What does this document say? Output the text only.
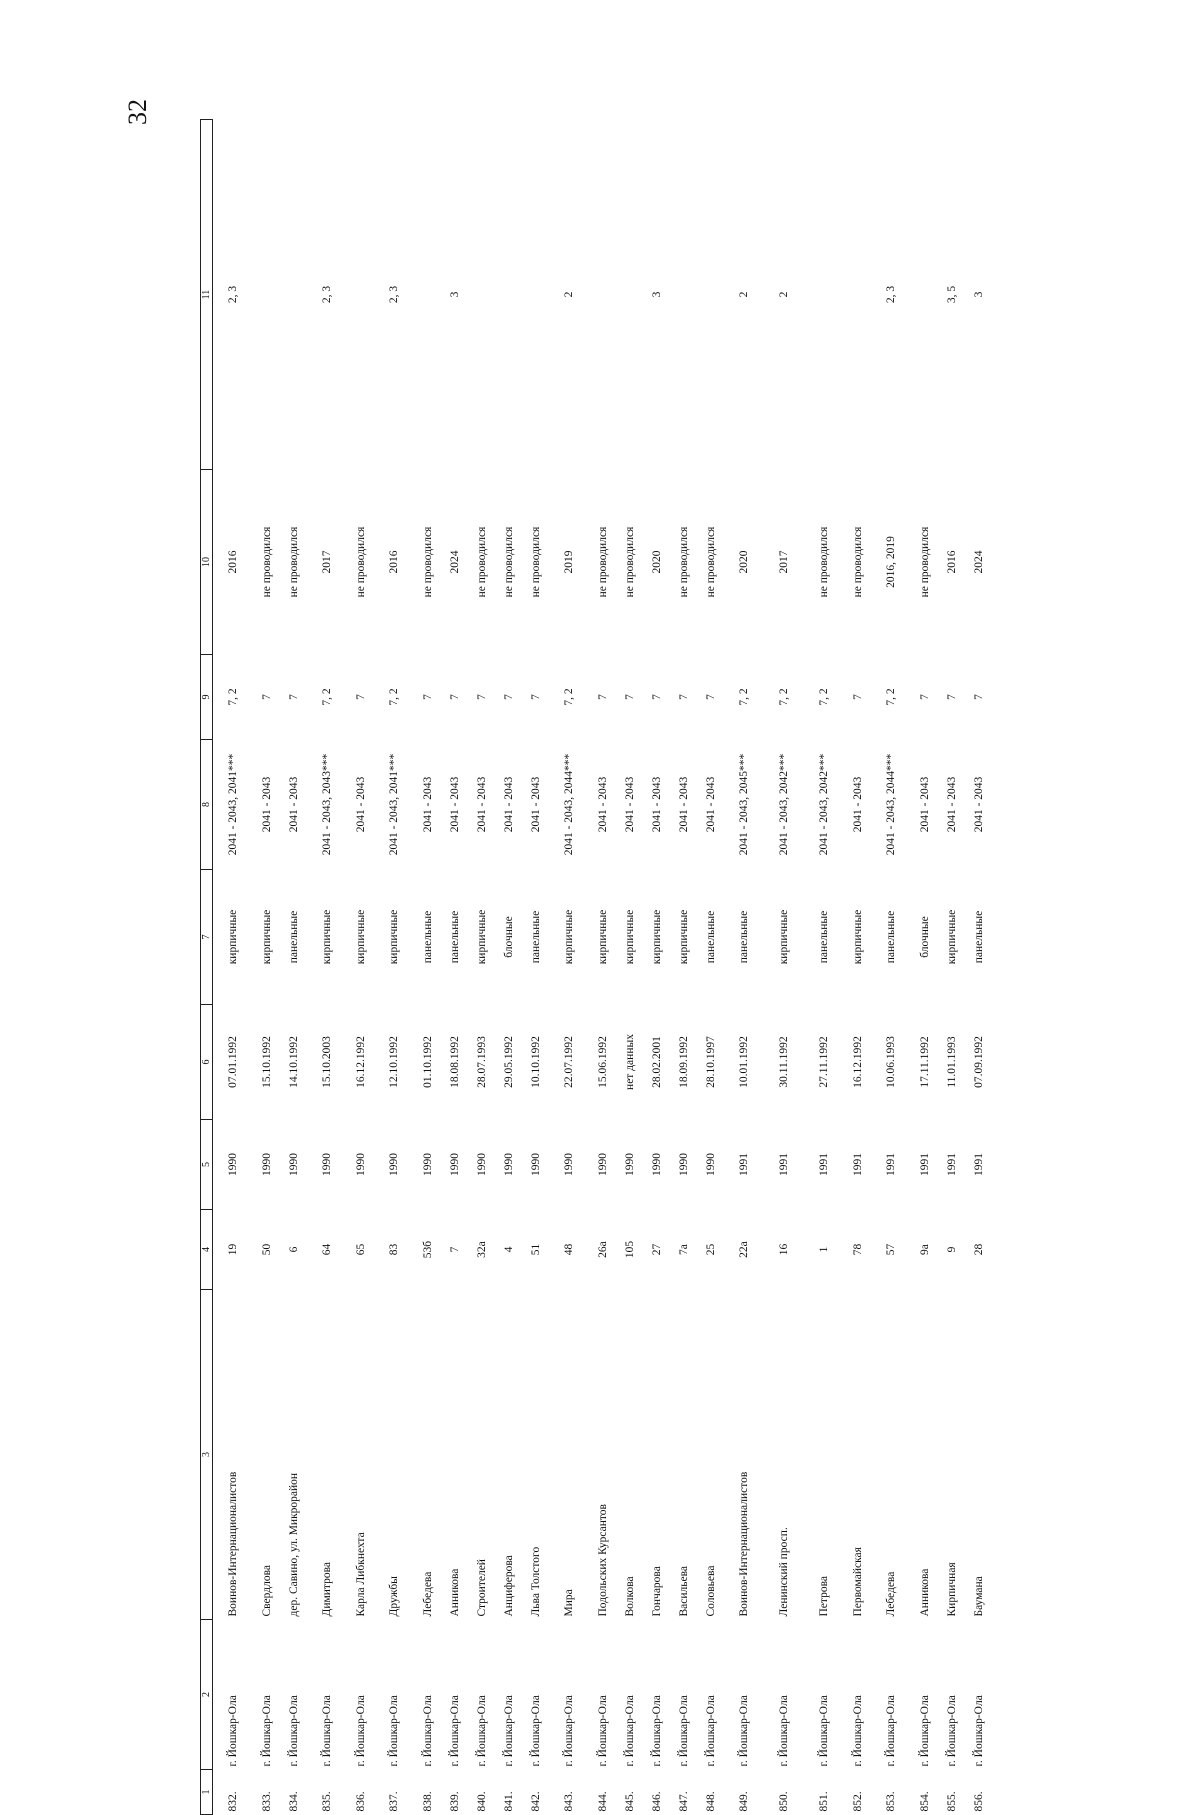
32
1	2	3	4	5	6	7	8	9	10	11
832.	г. Йошкар-Ола	Воинов-Интернационалистов	19	1990	07.01.1992	кирпичные	2041 - 2043, 2041***	7, 2	2016	2, 3
833.	г. Йошкар-Ола	Свердлова	50	1990	15.10.1992	кирпичные	2041 - 2043	7	не проводился	
834.	г. Йошкар-Ола	дер. Савино, ул. Микрорайон	6	1990	14.10.1992	панельные	2041 - 2043	7	не проводился	
835.	г. Йошкар-Ола	Димитрова	64	1990	15.10.2003	кирпичные	2041 - 2043, 2043***	7, 2	2017	2, 3
836.	г. Йошкар-Ола	Карла Либкнехта	65	1990	16.12.1992	кирпичные	2041 - 2043	7	не проводился	
837.	г. Йошкар-Ола	Дружбы	83	1990	12.10.1992	кирпичные	2041 - 2043, 2041***	7, 2	2016	2, 3
838.	г. Йошкар-Ола	Лебедева	53б	1990	01.10.1992	панельные	2041 - 2043	7	не проводился	
839.	г. Йошкар-Ола	Анникова	7	1990	18.08.1992	панельные	2041 - 2043	7	2024	3
840.	г. Йошкар-Ола	Строителей	32а	1990	28.07.1993	кирпичные	2041 - 2043	7	не проводился	
841.	г. Йошкар-Ола	Анциферова	4	1990	29.05.1992	блочные	2041 - 2043	7	не проводился	
842.	г. Йошкар-Ола	Льва Толстого	51	1990	10.10.1992	панельные	2041 - 2043	7	не проводился	
843.	г. Йошкар-Ола	Мира	48	1990	22.07.1992	кирпичные	2041 - 2043, 2044***	7, 2	2019	2
844.	г. Йошкар-Ола	Подольских Курсантов	26а	1990	15.06.1992	кирпичные	2041 - 2043	7	не проводился	
845.	г. Йошкар-Ола	Волкова	105	1990	нет данных	кирпичные	2041 - 2043	7	не проводился	
846.	г. Йошкар-Ола	Гончарова	27	1990	28.02.2001	кирпичные	2041 - 2043	7	2020	3
847.	г. Йошкар-Ола	Васильева	7а	1990	18.09.1992	кирпичные	2041 - 2043	7	не проводился	
848.	г. Йошкар-Ола	Соловьева	25	1990	28.10.1997	панельные	2041 - 2043	7	не проводился	
849.	г. Йошкар-Ола	Воинов-Интернационалистов	22а	1991	10.01.1992	панельные	2041 - 2043, 2045***	7, 2	2020	2
850.	г. Йошкар-Ола	Ленинский просп.	16	1991	30.11.1992	кирпичные	2041 - 2043, 2042***	7, 2	2017	2
851.	г. Йошкар-Ола	Петрова	1	1991	27.11.1992	панельные	2041 - 2043, 2042***	7, 2	не проводился	
852.	г. Йошкар-Ола	Первомайская	78	1991	16.12.1992	кирпичные	2041 - 2043	7	не проводился	
853.	г. Йошкар-Ола	Лебедева	57	1991	10.06.1993	панельные	2041 - 2043, 2044***	7, 2	2016, 2019	2, 3
854.	г. Йошкар-Ола	Анникова	9а	1991	17.11.1992	блочные	2041 - 2043	7	не проводился	
855.	г. Йошкар-Ола	Кирпичная	9	1991	11.01.1993	кирпичные	2041 - 2043	7	2016	3, 5
856.	г. Йошкар-Ола	Баумана	28	1991	07.09.1992	панельные	2041 - 2043	7	2024	3
